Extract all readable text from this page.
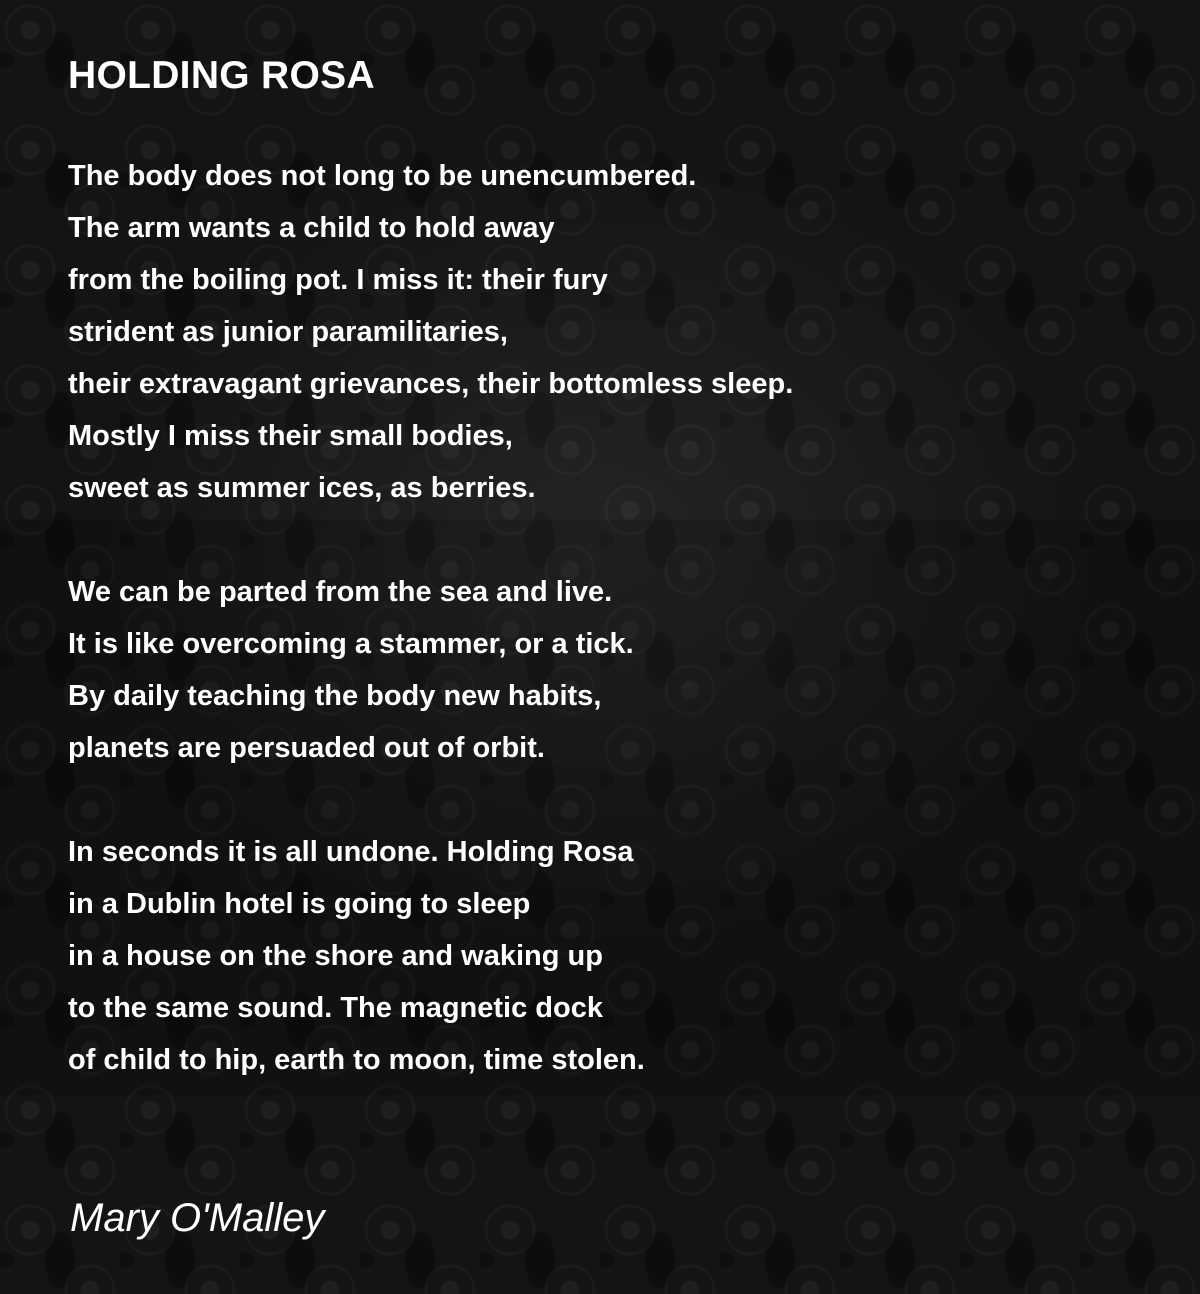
HOLDING ROSA
The body does not long to be unencumbered.
The arm wants a child to hold away
from the boiling pot. I miss it: their fury
strident as junior paramilitaries,
their extravagant grievances, their bottomless sleep.
Mostly I miss their small bodies,
sweet as summer ices, as berries.
We can be parted from the sea and live.
It is like overcoming a stammer, or a tick.
By daily teaching the body new habits,
planets are persuaded out of orbit.
In seconds it is all undone. Holding Rosa
in a Dublin hotel is going to sleep
in a house on the shore and waking up
to the same sound. The magnetic dock
of child to hip, earth to moon, time stolen.

Mary O'Malley
